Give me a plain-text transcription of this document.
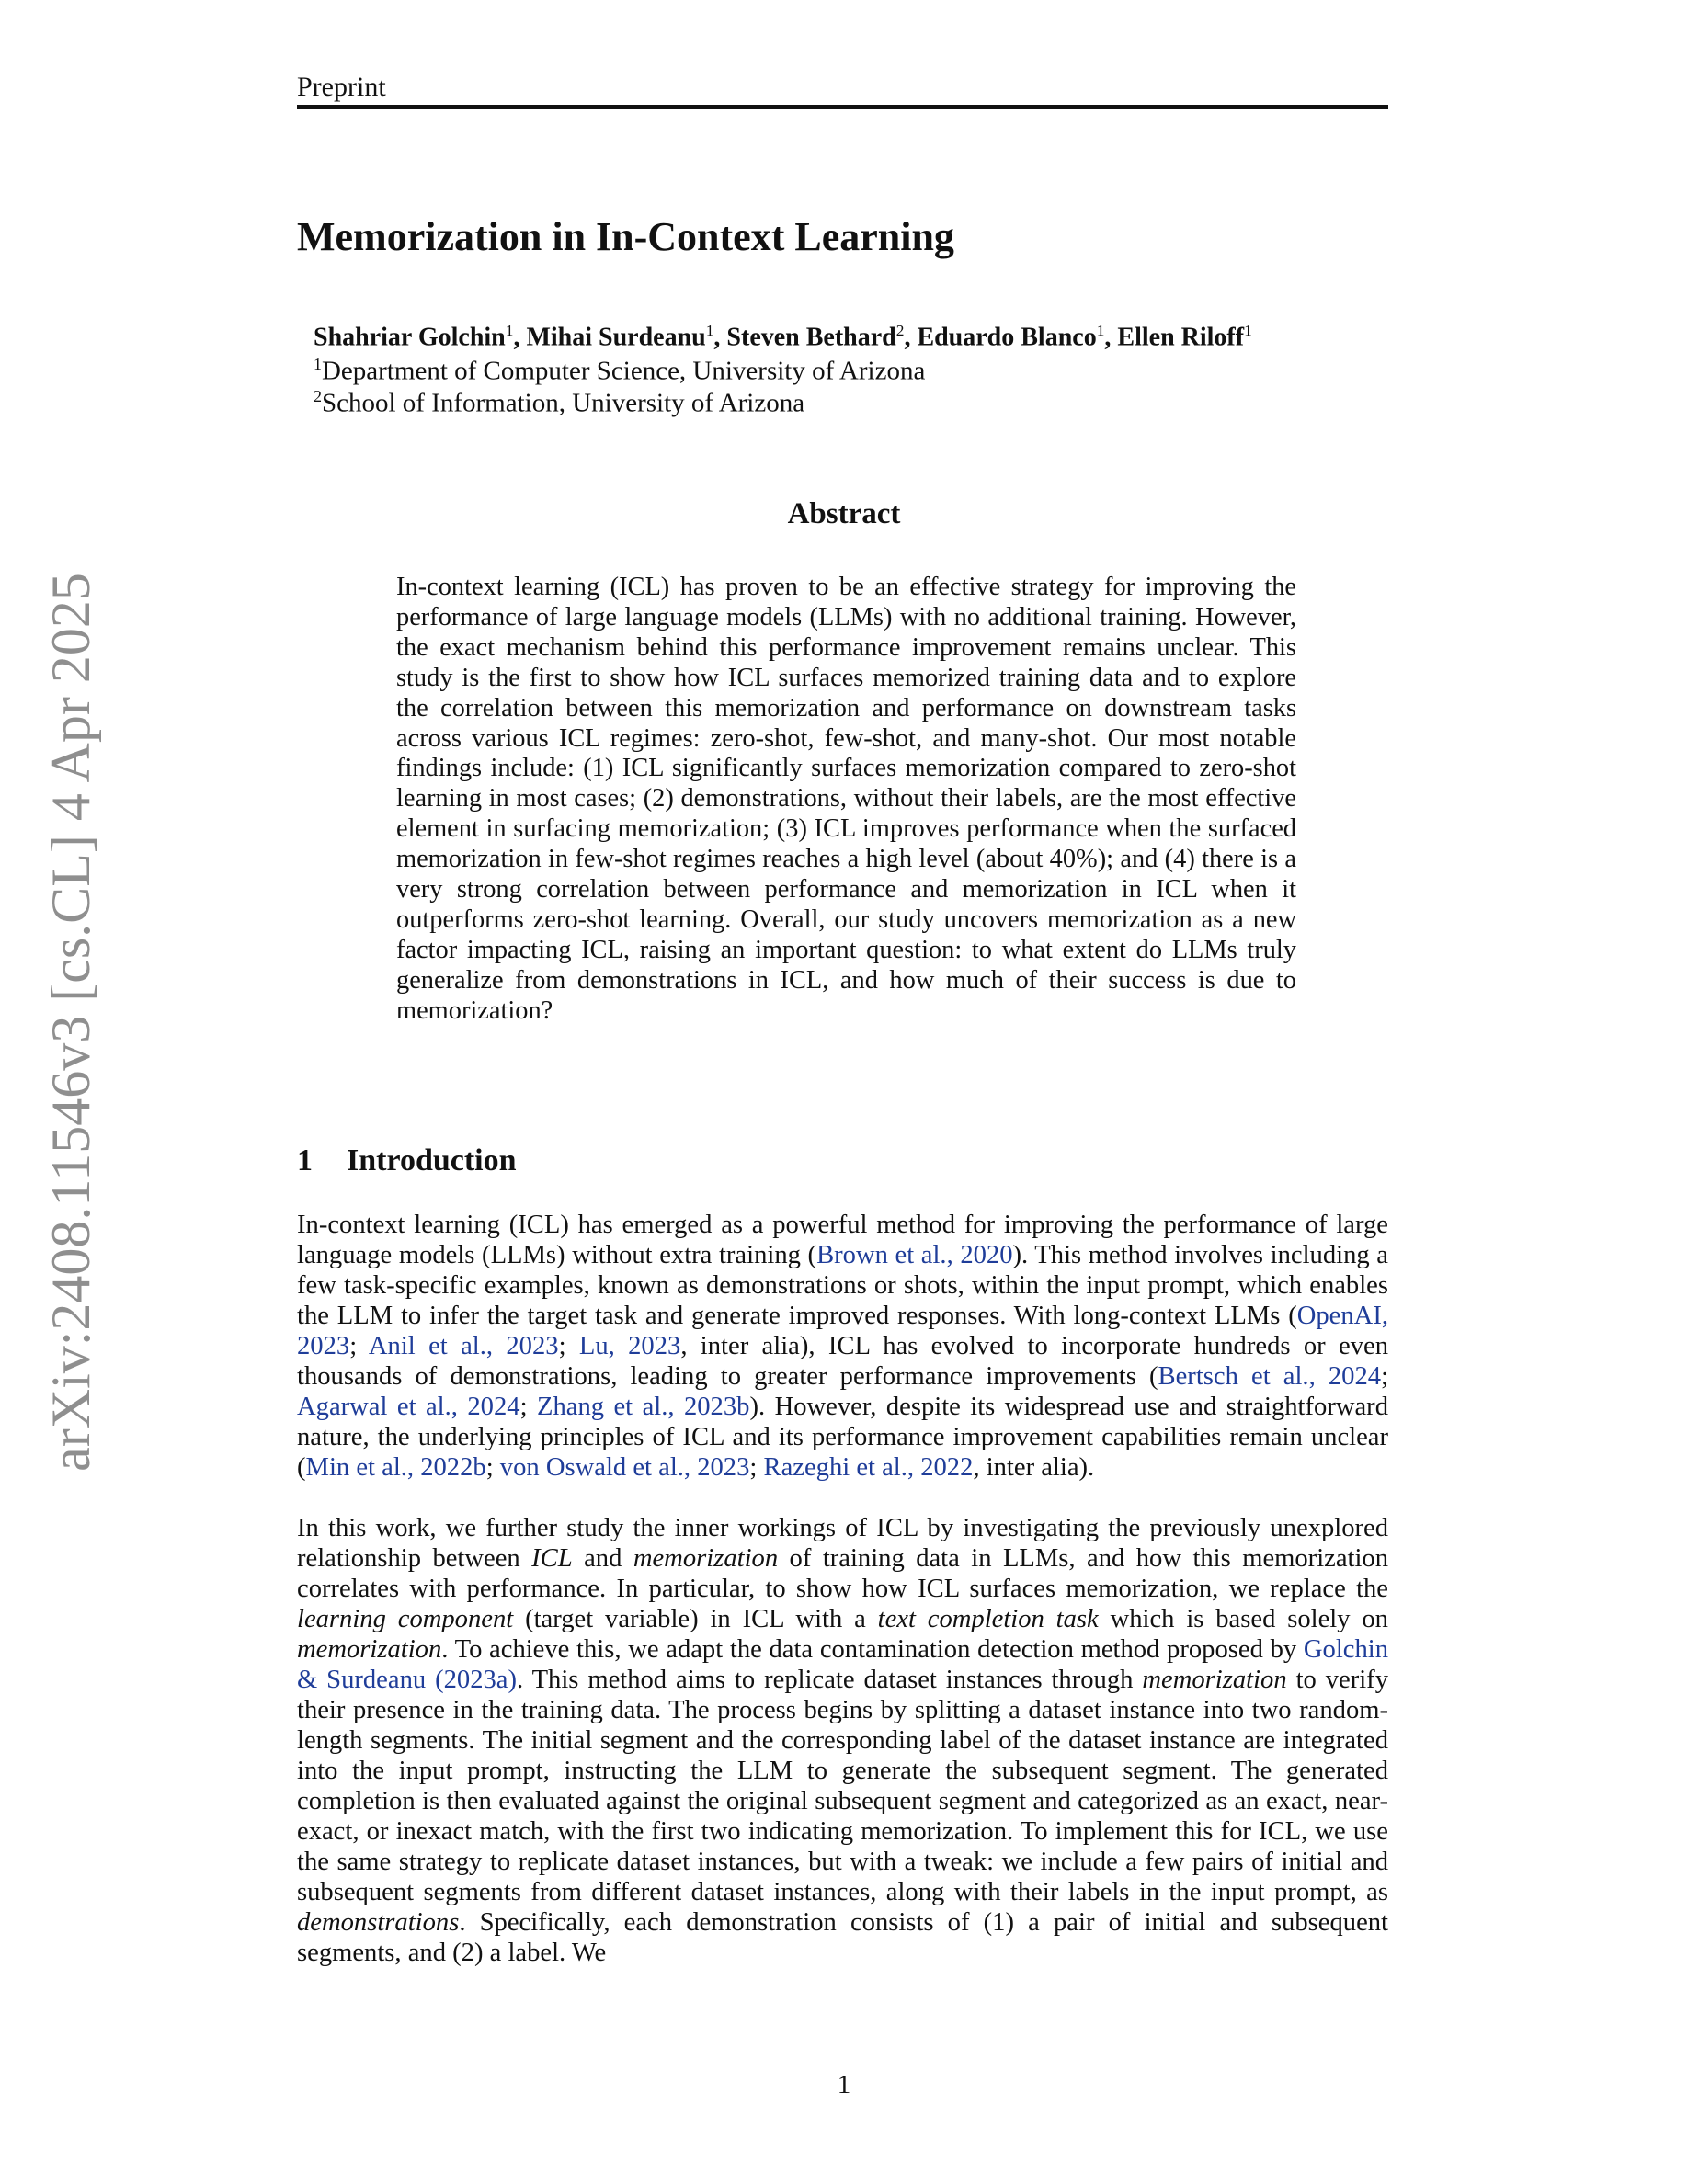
Preprint
arXiv:2408.11546v3 [cs.CL] 4 Apr 2025
Memorization in In-Context Learning
Shahriar Golchin$^1$, Mihai Surdeanu$^1$, Steven Bethard$^2$, Eduardo Blanco$^1$, Ellen Riloff$^1$
$^1$Department of Computer Science, University of Arizona
$^2$School of Information, University of Arizona
Abstract

In-context learning (ICL) has proven to be an effective strategy for improving the performance of large language models (LLMs) with no additional training. However, the exact mechanism behind this performance improvement remains unclear. This study is the first to show how ICL surfaces memorized training data and to explore the correlation between this memorization and performance on downstream tasks across various ICL regimes: zero-shot, few-shot, and many-shot. Our most notable findings include: (1) ICL significantly surfaces memorization compared to zero-shot learning in most cases; (2) demonstrations, without their labels, are the most effective element in surfacing memorization; (3) ICL improves performance when the surfaced memorization in few-shot regimes reaches a high level (about 40%); and (4) there is a very strong correlation between performance and memorization in ICL when it outperforms zero-shot learning. Overall, our study uncovers memorization as a new factor impacting ICL, raising an important question: to what extent do LLMs truly generalize from demonstrations in ICL, and how much of their success is due to memorization?

1 Introduction

In-context learning (ICL) has emerged as a powerful method for improving the performance of large language models (LLMs) without extra training (Brown et al., 2020). This method involves including a few task-specific examples, known as demonstrations or shots, within the input prompt, which enables the LLM to infer the target task and generate improved responses. With long-context LLMs (OpenAI, 2023; Anil et al., 2023; Lu, 2023, inter alia), ICL has evolved to incorporate hundreds or even thousands of demonstrations, leading to greater performance improvements (Bertsch et al., 2024; Agarwal et al., 2024; Zhang et al., 2023b). However, despite its widespread use and straightforward nature, the underlying principles of ICL and its performance improvement capabilities remain unclear (Min et al., 2022b; von Oswald et al., 2023; Razeghi et al., 2022, inter alia).

In this work, we further study the inner workings of ICL by investigating the previously unexplored relationship between ICL and memorization of training data in LLMs, and how this memorization correlates with performance. In particular, to show how ICL surfaces memorization, we replace the learning component (target variable) in ICL with a text completion task which is based solely on memorization. To achieve this, we adapt the data contamination detection method proposed by Golchin & Surdeanu (2023a). This method aims to replicate dataset instances through memorization to verify their presence in the training data. The process begins by splitting a dataset instance into two random-length segments. The initial segment and the corresponding label of the dataset instance are integrated into the input prompt, instructing the LLM to generate the subsequent segment. The generated completion is then evaluated against the original subsequent segment and categorized as an exact, near-exact, or inexact match, with the first two indicating memorization. To implement this for ICL, we use the same strategy to replicate dataset instances, but with a tweak: we include a few pairs of initial and subsequent segments from different dataset instances, along with their labels in the input prompt, as demonstrations. Specifically, each demonstration consists of (1) a pair of initial and subsequent segments, and (2) a label. We

1
